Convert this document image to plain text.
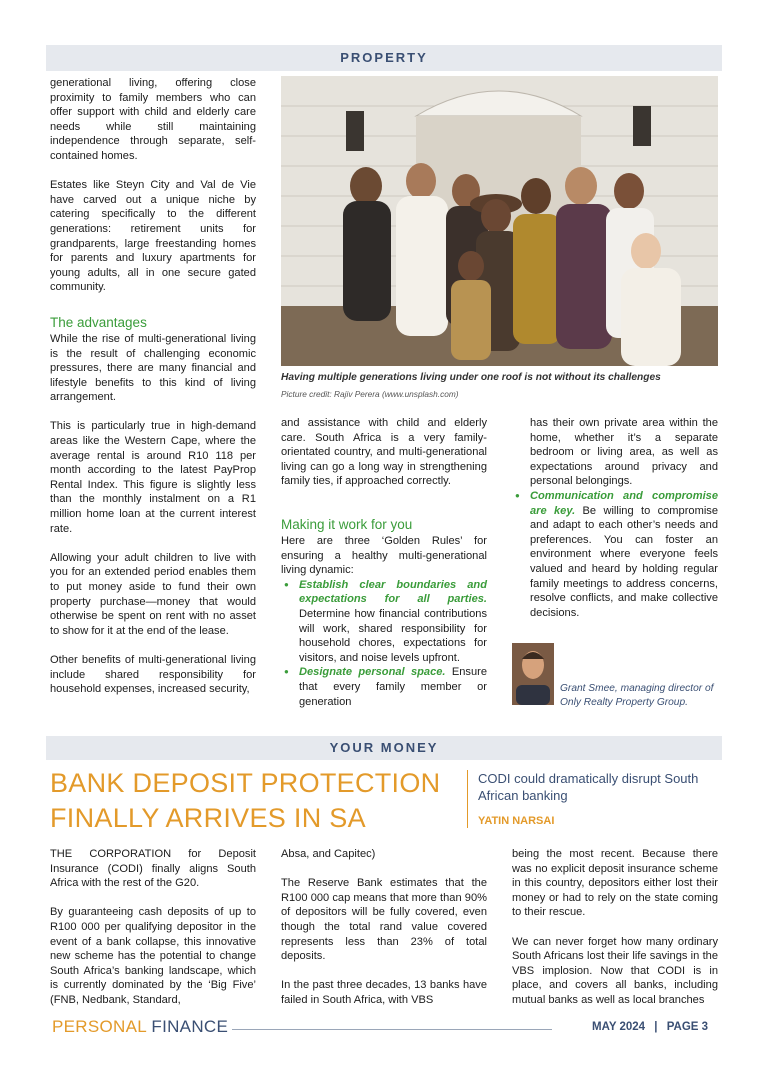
PROPERTY

generational living, offering close proximity to family members who can offer support with child and elderly care needs while still maintaining independence through separate, self-contained homes.

Estates like Steyn City and Val de Vie have carved out a unique niche by catering specifically to the different generations: retirement units for grandparents, large freestanding homes for parents and luxury apartments for young adults, all in one secure gated community.

The advantages

While the rise of multi-generational living is the result of challenging economic pressures, there are many financial and lifestyle benefits to this kind of living arrangement.

This is particularly true in high-demand areas like the Western Cape, where the average rental is around R10 118 per month according to the latest PayProp Rental Index. This figure is slightly less than the monthly instalment on a R1 million home loan at the current interest rate.

Allowing your adult children to live with you for an extended period enables them to put money aside to fund their own property purchase—money that would otherwise be spent on rent with no asset to show for it at the end of the lease.

Other benefits of multi-generational living include shared responsibility for household expenses, increased security,

Having multiple generations living under one roof is not without its challenges
Picture credit: Rajiv Perera (www.unsplash.com)

and assistance with child and elderly care. South Africa is a very family-orientated country, and multi-generational living can go a long way in strengthening family ties, if approached correctly.

Making it work for you

Here are three ‘Golden Rules’ for ensuring a healthy multi-generational living dynamic:

● Establish clear boundaries and expectations for all parties. Determine how financial contributions will work, shared responsibility for household chores, expectations for visitors, and noise levels upfront.
● Designate personal space. Ensure that every family member or generation

has their own private area within the home, whether it’s a separate bedroom or living area, as well as expectations around privacy and personal belongings.

● Communication and compromise are key. Be willing to compromise and adapt to each other’s needs and preferences. You can foster an environment where everyone feels valued and heard by holding regular family meetings to address concerns, resolve conflicts, and make collective decisions.
Grant Smee, managing director of Only Realty Property Group.
YOUR MONEY
BANK DEPOSIT PROTECTION
FINALLY ARRIVES IN SA
CODI could dramatically disrupt South African banking
YATIN NARSAI

THE CORPORATION for Deposit Insurance (CODI) finally aligns South Africa with the rest of the G20.

By guaranteeing cash deposits of up to R100 000 per qualifying depositor in the event of a bank collapse, this innovative new scheme has the potential to change South Africa’s banking landscape, which is currently dominated by the ‘Big Five’ (FNB, Nedbank, Standard,

Absa, and Capitec)

The Reserve Bank estimates that the R100 000 cap means that more than 90% of depositors will be fully covered, even though the total rand value covered represents less than 23% of total deposits.

In the past three decades, 13 banks have failed in South Africa, with VBS

being the most recent. Because there was no explicit deposit insurance scheme in this country, depositors either lost their money or had to rely on the state coming to their rescue.

We can never forget how many ordinary South Africans lost their life savings in the VBS implosion. Now that CODI is in place, and covers all banks, including mutual banks as well as local branches

PERSONAL FINANCE	MAY 2024 | PAGE 3
